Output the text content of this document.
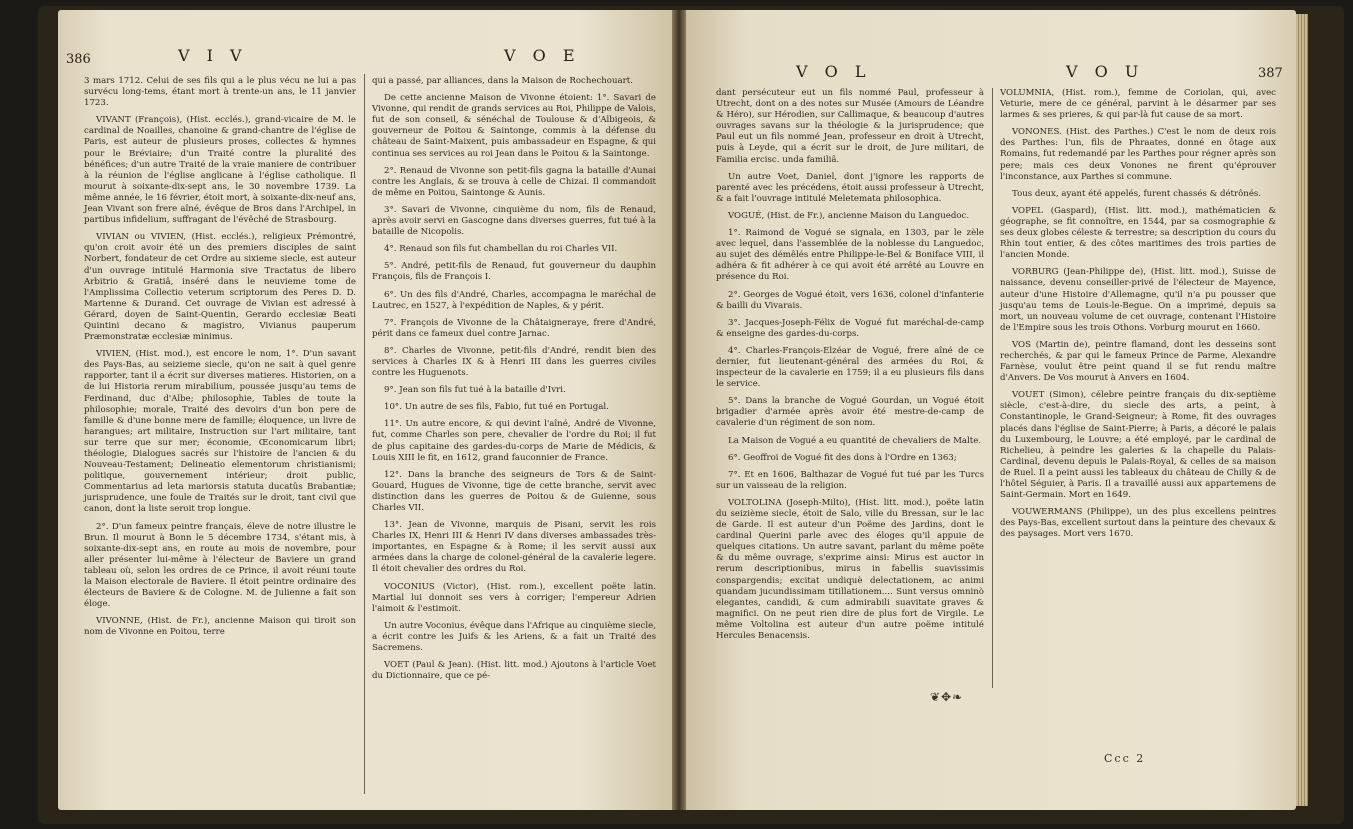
386	V I V	V O E

3 mars 1712. Celui de ses fils qui a le plus vécu ne lui a pas survécu long-tems, étant mort à trente-un ans, le 11 janvier 1723.

VIVANT (François), (Hist. ecclés.), grand-vicaire de M. le cardinal de Noailles, chanoine & grand-chantre de l'église de Paris, est auteur de plusieurs proses, collectes & hymnes pour le Bréviaire; d'un Traité contre la pluralité des bénéfices; d'un autre Traité de la vraie maniere de contribuer à la réunion de l'église anglicane à l'église catholique. Il mourut à soixante-dix-sept ans, le 30 novembre 1739. La même année, le 16 février, étoit mort, à soixante-dix-neuf ans, Jean Vivant son frere aîné, évêque de Bros dans l'Archipel, in partibus infidelium, suffragant de l'évêché de Strasbourg.

VIVIAN ou VIVIEN, (Hist. ecclés.), religieux Prémontré, qu'on croit avoir été un des premiers disciples de saint Norbert, fondateur de cet Ordre au sixieme siecle, est auteur d'un ouvrage intitulé Harmonia sive Tractatus de libero Arbitrio & Gratiâ, inséré dans le neuvieme tome de l'Amplissima Collectio veterum scriptorum des Peres D. D. Martenne & Durand. Cet ouvrage de Vivian est adressé à Gérard, doyen de Saint-Quentin, Gerardo ecclesiæ Beati Quintini decano & magistro, Vivianus pauperum Præmonstratæ ecclesiæ minimus.

VIVIEN, (Hist. mod.), est encore le nom, 1°. D'un savant des Pays-Bas, au seizieme siecle, qu'on ne sait à quel genre rapporter, tant il a écrit sur diverses matieres. Historien, on a de lui Historia rerum mirabilium, poussée jusqu'au tems de Ferdinand, duc d'Albe; philosophie, Tables de toute la philosophie; morale, Traité des devoirs d'un bon pere de famille & d'une bonne mere de famille; éloquence, un livre de harangues; art militaire, Instruction sur l'art militaire, tant sur terre que sur mer; économie, Œconomicarum libri; théologie, Dialogues sacrés sur l'histoire de l'ancien & du Nouveau-Testament; Delineatio elementorum christianismi; politique, gouvernement intérieur; droit public, Commentarius ad leta mariorsis statuta ducatûs Brabantiæ; jurisprudence, une foule de Traités sur le droit, tant civil que canon, dont la liste seroit trop longue.

2°. D'un fameux peintre français, éleve de notre illustre le Brun. Il mourut à Bonn le 5 décembre 1734, s'étant mis, à soixante-dix-sept ans, en route au mois de novembre, pour aller présenter lui-même à l'électeur de Baviere un grand tableau où, selon les ordres de ce Prince, il avoit réuni toute la Maison electorale de Baviere. Il étoit peintre ordinaire des électeurs de Baviere & de Cologne. M. de Julienne a fait son éloge.

VIVONNE, (Hist. de Fr.), ancienne Maison qui tiroit son nom de Vivonne en Poitou, terre

qui a passé, par alliances, dans la Maison de Rochechouart.

De cette ancienne Maison de Vivonne étoient: 1°. Savari de Vivonne, qui rendit de grands services au Roi, Philippe de Valois, fut de son conseil, & sénéchal de Toulouse & d'Albigeois, & gouverneur de Poitou & Saintonge, commis à la défense du château de Saint-Maixent, puis ambassadeur en Espagne, & qui continua ses services au roi Jean dans le Poitou & la Saintonge.

2°. Renaud de Vivonne son petit-fils gagna la bataille d'Aunai contre les Anglais, & se trouva à celle de Chizai. Il commandoit de même en Poitou, Saintonge & Aunis.

3°. Savari de Vivonne, cinquième du nom, fils de Renaud, après avoir servi en Gascogne dans diverses guerres, fut tué à la bataille de Nicopolis.

4°. Renaud son fils fut chambellan du roi Charles VII.

5°. André, petit-fils de Renaud, fut gouverneur du dauphin François, fils de François I.

6°. Un des fils d'André, Charles, accompagna le maréchal de Lautrec, en 1527, à l'expédition de Naples, & y périt.

7°. François de Vivonne de la Châtaigneraye, frere d'André, périt dans ce fameux duel contre Jarnac.

8°. Charles de Vivonne, petit-fils d'André, rendit bien des services à Charles IX & à Henri III dans les guerres civiles contre les Huguenots.

9°. Jean son fils fut tué à la bataille d'Ivri.

10°. Un autre de ses fils, Fabio, fut tué en Portugal.

11°. Un autre encore, & qui devint l'aîné, André de Vivonne, fut, comme Charles son pere, chevalier de l'ordre du Roi; il fut de plus capitaine des gardes-du-corps de Marie de Médicis, & Louis XIII le fit, en 1612, grand fauconnier de France.

12°. Dans la branche des seigneurs de Tors & de Saint-Gouard, Hugues de Vivonne, tige de cette branche, servit avec distinction dans les guerres de Poitou & de Guienne, sous Charles VII.

13°. Jean de Vivonne, marquis de Pisani, servit les rois Charles IX, Henri III & Henri IV dans diverses ambassades très-importantes, en Espagne & à Rome; il les servit aussi aux armées dans la charge de colonel-général de la cavalerie legere. Il étoit chevalier des ordres du Roi.

VOCONIUS (Victor), (Hist. rom.), excellent poëte latin. Martial lui donnoit ses vers à corriger; l'empereur Adrien l'aimoit & l'estimoit.

Un autre Voconius, évêque dans l'Afrique au cinquième siecle, a écrit contre les Juifs & les Ariens, & a fait un Traité des Sacremens.

VOET (Paul & Jean). (Hist. litt. mod.) Ajoutons à l'article Voet du Dictionnaire, que ce pé-

V O L	V O U	387

dant persécuteur eut un fils nommé Paul, professeur à Utrecht, dont on a des notes sur Musée (Amours de Léandre & Héro), sur Hérodien, sur Callimaque, & beaucoup d'autres ouvrages savans sur la théologie & la jurisprudence; que Paul eut un fils nommé Jean, professeur en droit à Utrecht, puis à Leyde, qui a écrit sur le droit, de Jure militari, de Familia ercisc. unda familiâ.

Un autre Voet, Daniel, dont j'ignore les rapports de parenté avec les précédens, étoit aussi professeur à Utrecht, & a fait l'ouvrage intitulé Meletemata philosophica.

VOGUÉ, (Hist. de Fr.), ancienne Maison du Languedoc.

1°. Raimond de Vogué se signala, en 1303, par le zèle avec lequel, dans l'assemblée de la noblesse du Languedoc, au sujet des démêlés entre Philippe-le-Bel & Boniface VIII, il adhéra & fit adhérer à ce qui avoit été arrêté au Louvre en présence du Roi.

2°. Georges de Vogué étoit, vers 1636, colonel d'infanterie & bailli du Vivarais.

3°. Jacques-Joseph-Félix de Vogué fut maréchal-de-camp & enseigne des gardes-du-corps.

4°. Charles-François-Elzéar de Vogué, frere aîné de ce dernier, fut lieutenant-général des armées du Roi, & inspecteur de la cavalerie en 1759; il a eu plusieurs fils dans le service.

5°. Dans la branche de Vogué Gourdan, un Vogué étoit brigadier d'armée après avoir été mestre-de-camp de cavalerie d'un régiment de son nom.

La Maison de Vogué a eu quantité de chevaliers de Malte.

6°. Geoffroi de Vogué fit des dons à l'Ordre en 1363;

7°. Et en 1606, Balthazar de Vogué fut tué par les Turcs sur un vaisseau de la religion.

VOLTOLINA (Joseph-Milto), (Hist. litt. mod.), poëte latin du seizième siecle, étoit de Salo, ville du Bressan, sur le lac de Garde. Il est auteur d'un Poëme des Jardins, dont le cardinal Querini parle avec des éloges qu'il appuie de quelques citations. Un autre savant, parlant du même poëte & du même ouvrage, s'exprime ainsi: Mirus est auctor in rerum descriptionibus, mirus in fabellis suavissimis conspargendis; excitat undiquè delectationem, ac animi quandam jucundissimam titillationem.... Sunt versus omninò elegantes, candidi, & cum admirabili suavitate graves & magnifici. On ne peut rien dire de plus fort de Virgile. Le même Voltolina est auteur d'un autre poëme intitulé Hercules Benacensis.

VOLUMNIA, (Hist. rom.), femme de Coriolan, qui, avec Veturie, mere de ce général, parvint à le désarmer par ses larmes & ses prieres, & qui par-là fut cause de sa mort.

VONONES. (Hist. des Parthes.) C'est le nom de deux rois des Parthes: l'un, fils de Phraates, donné en ôtage aux Romains, fut redemandé par les Parthes pour régner après son pere; mais ces deux Vonones ne firent qu'éprouver l'inconstance, aux Parthes si commune.

Tous deux, ayant été appelés, furent chassés & détrônés.

VOPEL (Gaspard), (Hist. litt. mod.), mathématicien & géographe, se fit connoître, en 1544, par sa cosmographie & ses deux globes céleste & terrestre; sa description du cours du Rhin tout entier, & des côtes maritimes des trois parties de l'ancien Monde.

VORBURG (Jean-Philippe de), (Hist. litt. mod.), Suisse de naissance, devenu conseiller-privé de l'électeur de Mayence, auteur d'une Histoire d'Allemagne, qu'il n'a pu pousser que jusqu'au tems de Louis-le-Begue. On a imprimé, depuis sa mort, un nouveau volume de cet ouvrage, contenant l'Histoire de l'Empire sous les trois Othons. Vorburg mourut en 1660.

VOS (Martin de), peintre flamand, dont les desseins sont recherchés, & par qui le fameux Prince de Parme, Alexandre Farnèse, voulut être peint quand il se fut rendu maître d'Anvers. De Vos mourut à Anvers en 1604.

VOUET (Simon), célebre peintre français du dix-septième siècle, c'est-à-dire, du siecle des arts, a peint, à Constantinople, le Grand-Seigneur; à Rome, fit des ouvrages placés dans l'église de Saint-Pierre; à Paris, a décoré le palais du Luxembourg, le Louvre; a été employé, par le cardinal de Richelieu, à peindre les galeries & la chapelle du Palais-Cardinal, devenu depuis le Palais-Royal, & celles de sa maison de Ruel. Il a peint aussi les tableaux du château de Chilly & de l'hôtel Séguier, à Paris. Il a travaillé aussi aux appartemens de Saint-Germain. Mort en 1649.

VOUWERMANS (Philippe), un des plus excellens peintres des Pays-Bas, excellent surtout dans la peinture des chevaux & des paysages. Mort vers 1670.

❦✥❧
Ccc 2
